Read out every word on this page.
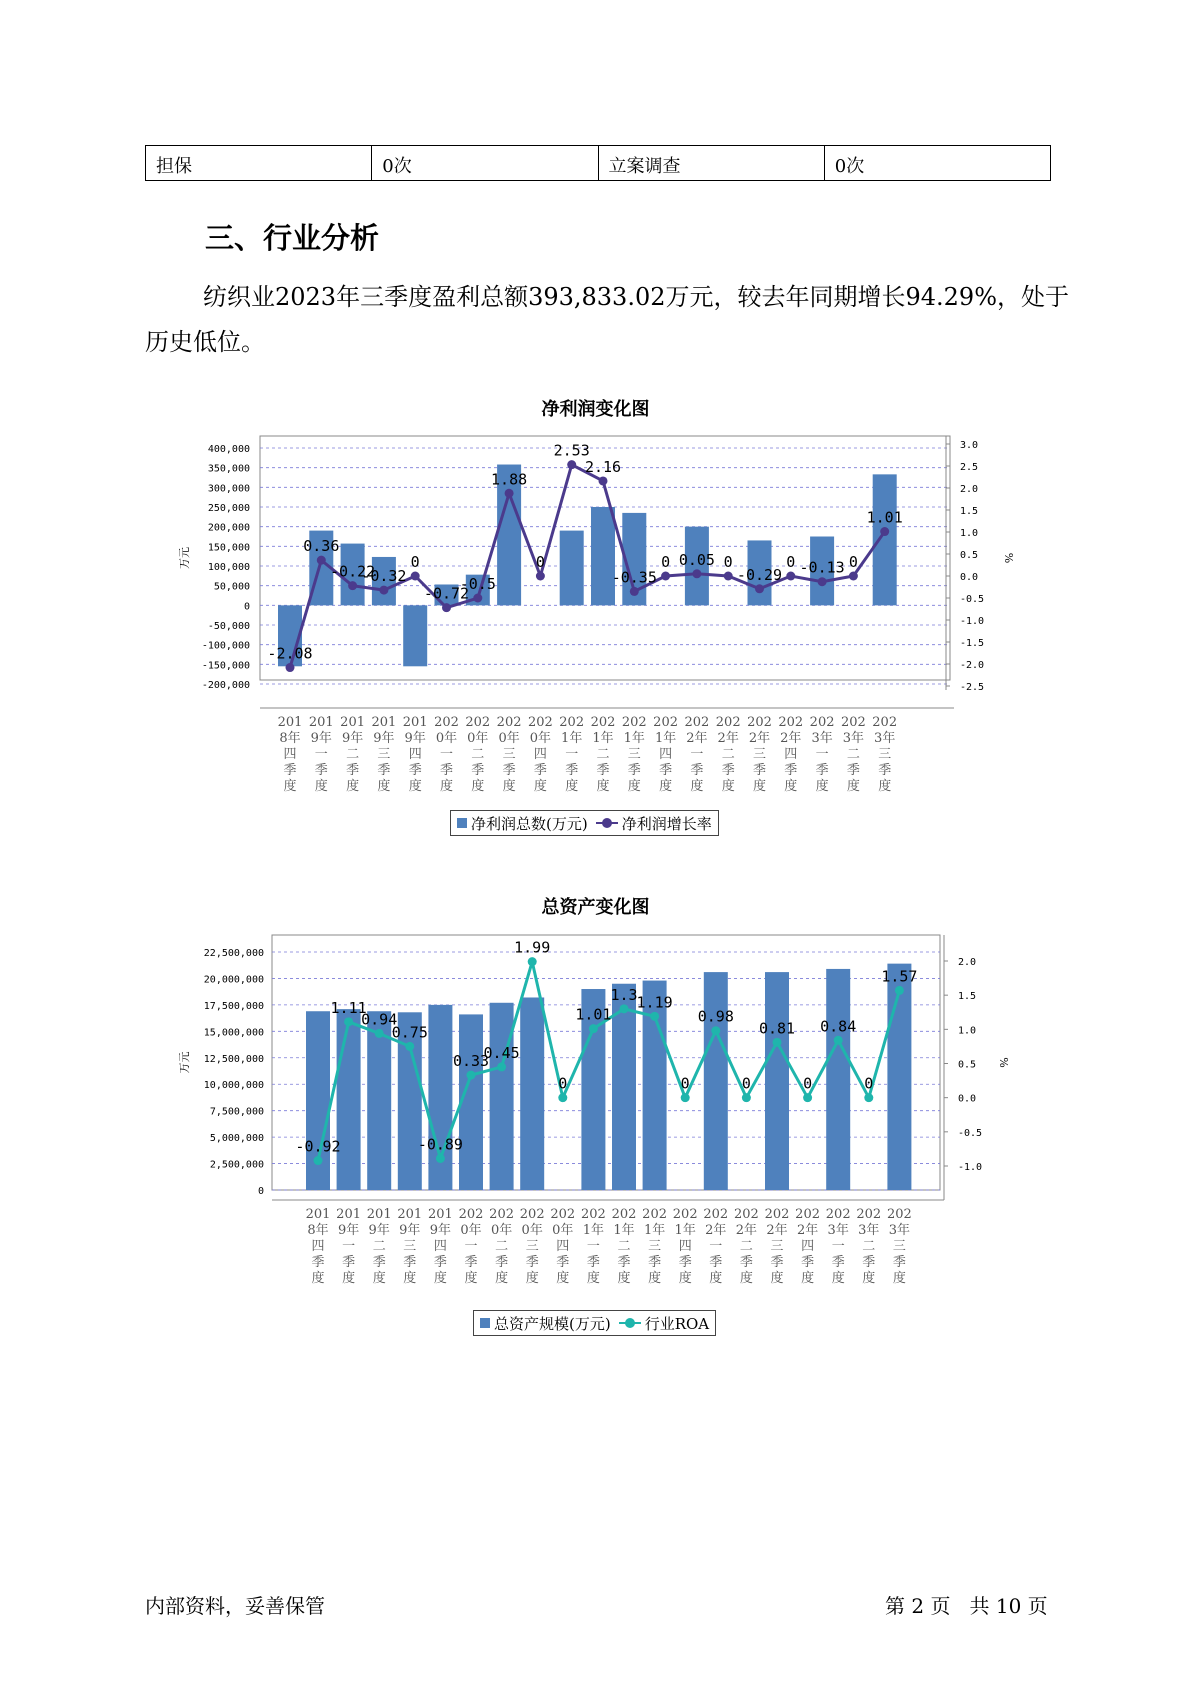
担保	0次	立案调查	0次
三、行业分析

纺织业2023年三季度盈利总额393,833.02万元，较去年同期增长94.29%，处于历史低位。

净利润变化图
400,000
350,000
300,000
250,000
200,000
150,000
100,000
50,000
0
-50,000
-100,000
-150,000
-200,000
3.0
2.5
2.0
1.5
1.0
0.5
0.0
-0.5
-1.0
-1.5
-2.0
-2.5
万元	%
-2.08
0.36
-0.22
-0.32
0
-0.72
-0.5
1.88
0
2.53
2.16
-0.35
0 0.05 0
-0.29
0 -0.13 0
1.01
201 8年四季度
201 9年一季度
201 9年二季度
201 9年三季度
201 9年四季度
202 0年一季度
202 0年二季度
202 0年三季度
202 0年四季度
202 1年一季度
202 1年二季度
202 1年三季度
202 1年四季度
202 2年一季度
202 2年二季度
202 2年三季度
202 2年四季度
202 3年一季度
202 3年二季度
202 3年三季度
净利润总数(万元) 净利润增长率
总资产变化图
22,500,000
20,000,000
17,500,000
15,000,000
12,500,000
10,000,000
7,500,000
5,000,000
2,500,000
0
2.0
1.5
1.0
0.5
0.0
-0.5
-1.0
万元	%
-0.92
1.11
0.94
0.75
-0.89
0.33
0.45
1.99
0
1.01
1.3
1.19
0
0.98
0
0.81
0
0.84
0
1.57
201 8年四季度
201 9年一季度
201 9年二季度
201 9年三季度
201 9年四季度
202 0年一季度
202 0年二季度
202 0年三季度
202 0年四季度
202 1年一季度
202 1年二季度
202 1年三季度
202 1年四季度
202 2年一季度
202 2年二季度
202 2年三季度
202 2年四季度
202 3年一季度
202 3年二季度
202 3年三季度
总资产规模(万元) 行业ROA
内部资料，妥善保管	第 2 页   共 10 页
